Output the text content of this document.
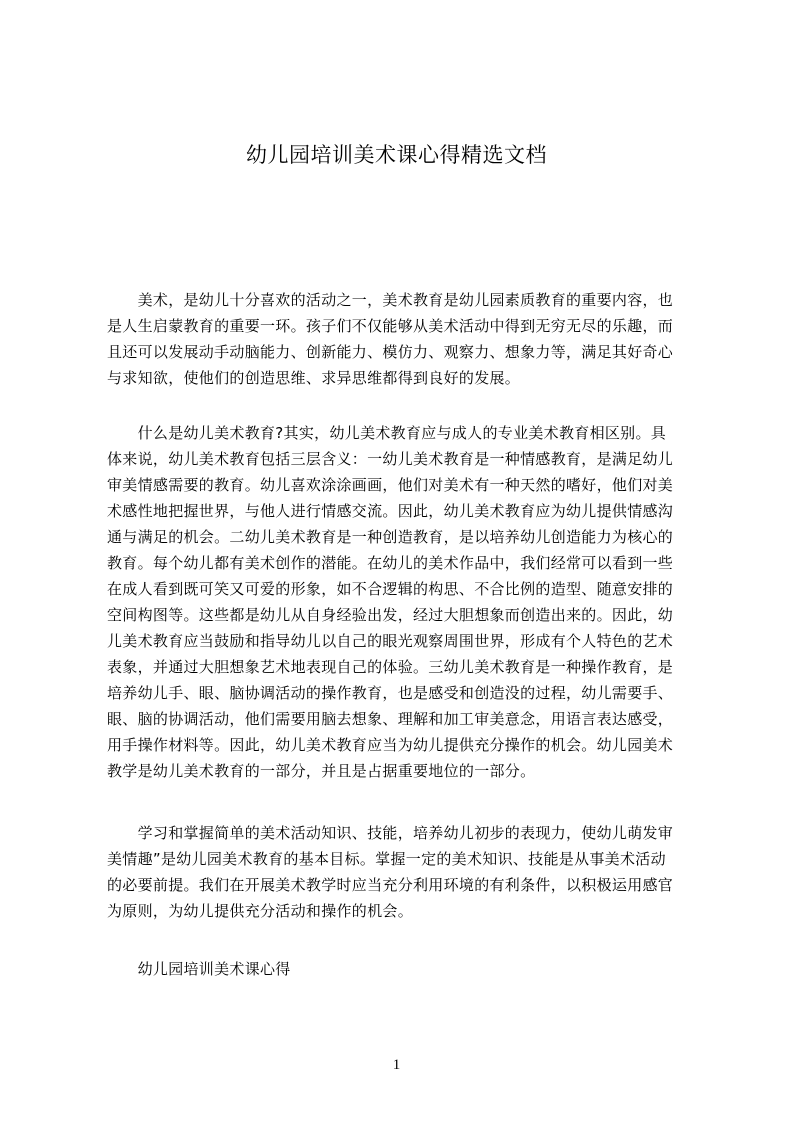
幼儿园培训美术课心得精选文档
　　美术，是幼儿十分喜欢的活动之一，美术教育是幼儿园素质教育的重要内容，也
是人生启蒙教育的重要一环。孩子们不仅能够从美术活动中得到无穷无尽的乐趣，而
且还可以发展动手动脑能力、创新能力、模仿力、观察力、想象力等，满足其好奇心
与求知欲，使他们的创造思维、求异思维都得到良好的发展。
　　什么是幼儿美术教育?其实，幼儿美术教育应与成人的专业美术教育相区别。具
体来说，幼儿美术教育包括三层含义：一幼儿美术教育是一种情感教育，是满足幼儿
审美情感需要的教育。幼儿喜欢涂涂画画，他们对美术有一种天然的嗜好，他们对美
术感性地把握世界，与他人进行情感交流。因此，幼儿美术教育应为幼儿提供情感沟
通与满足的机会。二幼儿美术教育是一种创造教育，是以培养幼儿创造能力为核心的
教育。每个幼儿都有美术创作的潜能。在幼儿的美术作品中，我们经常可以看到一些
在成人看到既可笑又可爱的形象，如不合逻辑的构思、不合比例的造型、随意安排的
空间构图等。这些都是幼儿从自身经验出发，经过大胆想象而创造出来的。因此，幼
儿美术教育应当鼓励和指导幼儿以自己的眼光观察周围世界，形成有个人特色的艺术
表象，并通过大胆想象艺术地表现自己的体验。三幼儿美术教育是一种操作教育，是
培养幼儿手、眼、脑协调活动的操作教育，也是感受和创造没的过程，幼儿需要手、
眼、脑的协调活动，他们需要用脑去想象、理解和加工审美意念，用语言表达感受，
用手操作材料等。因此，幼儿美术教育应当为幼儿提供充分操作的机会。幼儿园美术
教学是幼儿美术教育的一部分，并且是占据重要地位的一部分。
　　学习和掌握简单的美术活动知识、技能，培养幼儿初步的表现力，使幼儿萌发审
美情趣”是幼儿园美术教育的基本目标。掌握一定的美术知识、技能是从事美术活动
的必要前提。我们在开展美术教学时应当充分利用环境的有利条件，以积极运用感官
为原则，为幼儿提供充分活动和操作的机会。
　　幼儿园培训美术课心得
1
